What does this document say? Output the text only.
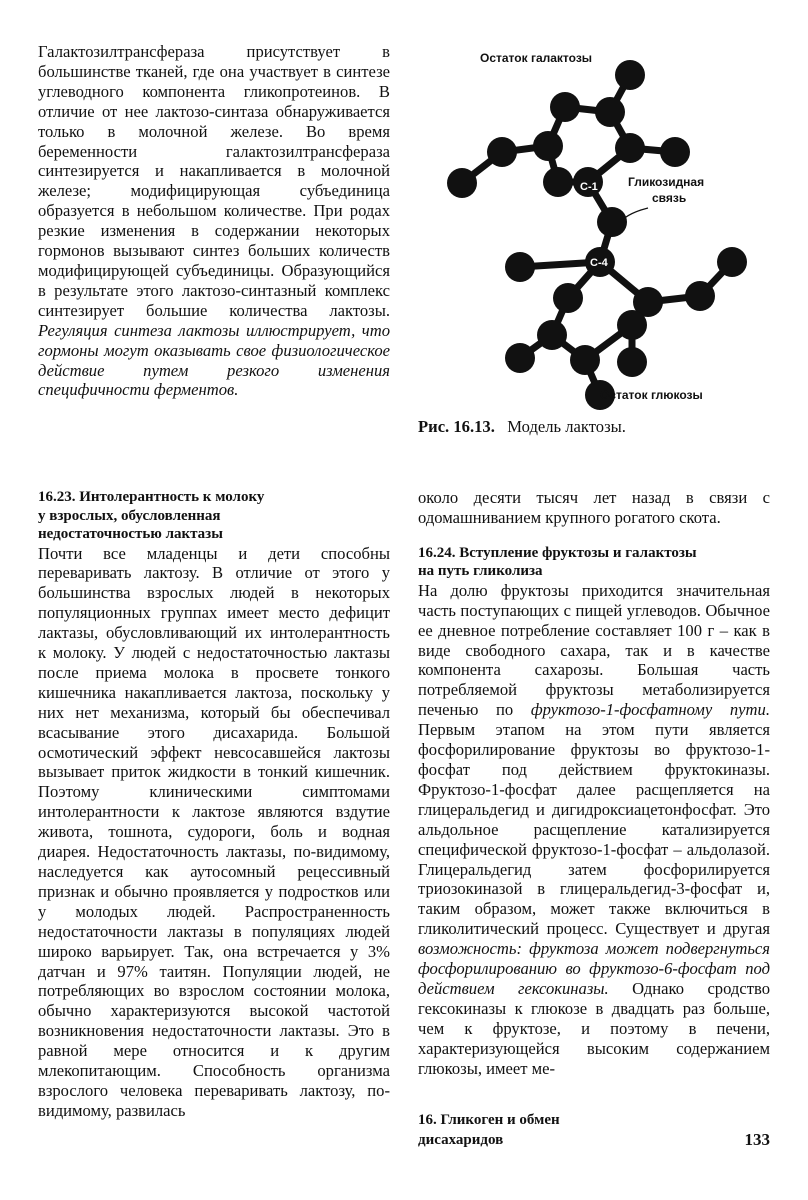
Галактозилтрансфераза присутствует в большинстве тканей, где она участвует в синтезе углеводного компонента гликопротеинов. В отличие от нее лактозо-синтаза обнаруживается только в молочной железе. Во время беременности галактозилтрансфераза синтезируется и накапливается в молочной железе; модифицирующая субъединица образуется в небольшом количестве. При родах резкие изменения в содержании некоторых гормонов вызывают синтез больших количеств модифицирующей субъединицы. Образующийся в результате этого лактозо-синтазный комплекс синтезирует большие количества лактозы. Регуляция синтеза лактозы иллюстрирует, что гормоны могут оказывать свое физиологическое действие путем резкого изменения специфичности ферментов.

Остаток галактозы
Гликозидная
связь
С-1
С-4
Остаток глюкозы
Рис. 16.13. Модель лактозы.
16.23. Интолерантность к молоку
у взрослых, обусловленная
недостаточностью лактазы

Почти все младенцы и дети способны переваривать лактозу. В отличие от этого у большинства взрослых людей в некоторых популяционных группах имеет место дефицит лактазы, обусловливающий их интолерантность к молоку. У людей с недостаточностью лактазы после приема молока в просвете тонкого кишечника накапливается лактоза, поскольку у них нет механизма, который бы обеспечивал всасывание этого дисахарида. Большой осмотический эффект невсосавшейся лактозы вызывает приток жидкости в тонкий кишечник. Поэтому клиническими симптомами интолерантности к лактозе являются вздутие живота, тошнота, судороги, боль и водная диарея. Недостаточность лактазы, по-видимому, наследуется как аутосомный рецессивный признак и обычно проявляется у подростков или у молодых людей. Распространенность недостаточности лактазы в популяциях людей широко варьирует. Так, она встречается у 3% датчан и 97% таитян. Популяции людей, не потребляющих во взрослом состоянии молока, обычно характеризуются высокой частотой возникновения недостаточности лактазы. Это в равной мере относится и к другим млекопитающим. Способность организма взрослого человека переваривать лактозу, по-видимому, развилась

около десяти тысяч лет назад в связи с одомашниванием крупного рогатого скота.

16.24. Вступление фруктозы и галактозы
на путь гликолиза

На долю фруктозы приходится значительная часть поступающих с пищей углеводов. Обычное ее дневное потребление составляет 100 г – как в виде свободного сахара, так и в качестве компонента сахарозы. Большая часть потребляемой фруктозы метаболизируется печенью по фруктозо-1-фосфатному пути. Первым этапом на этом пути является фосфорилирование фруктозы во фруктозо-1-фосфат под действием фруктокиназы. Фруктозо-1-фосфат далее расщепляется на глицеральдегид и дигидроксиацетонфосфат. Это альдольное расщепление катализируется специфической фруктозо-1-фосфат – альдолазой. Глицеральдегид затем фосфорилируется триозокиназой в глицеральдегид-3-фосфат и, таким образом, может также включиться в гликолитический процесс. Существует и другая возможность: фруктоза может подвергнуться фосфорилированию во фруктозо-6-фосфат под действием гексокиназы. Однако сродство гексокиназы к глюкозе в двадцать раз больше, чем к фруктозе, и поэтому в печени, характеризующейся высоким содержанием глюкозы, имеет ме-

16. Гликоген и обмен
дисахаридов	133
